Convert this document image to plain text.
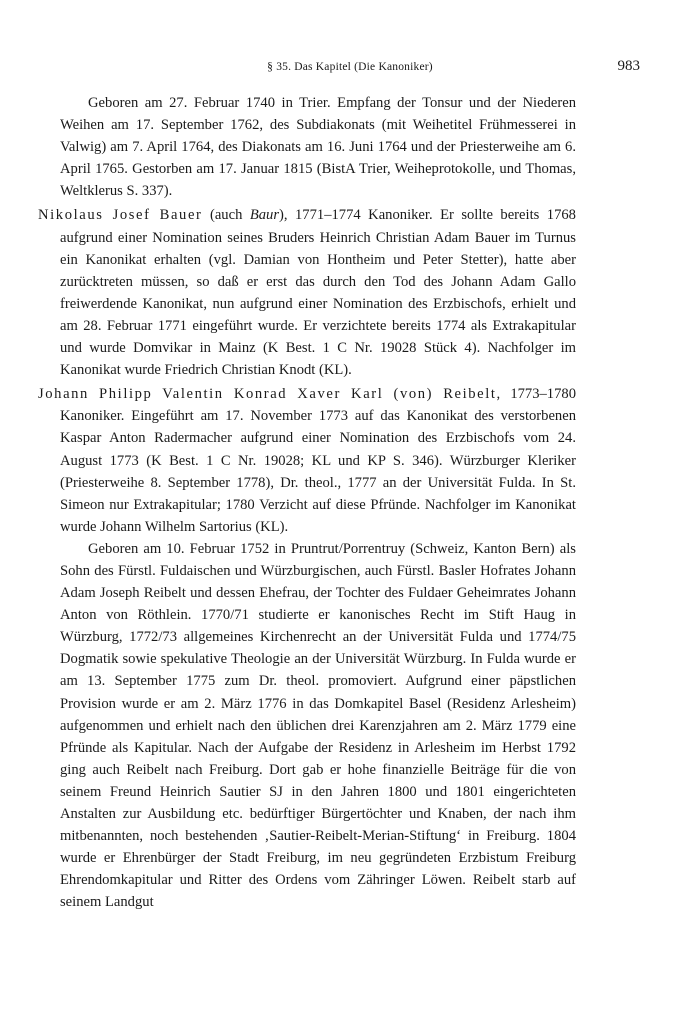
§ 35. Das Kapitel (Die Kanoniker)	983

Geboren am 27. Februar 1740 in Trier. Empfang der Tonsur und der Niederen Weihen am 17. September 1762, des Subdiakonats (mit Weihetitel Frühmesserei in Valwig) am 7. April 1764, des Diakonats am 16. Juni 1764 und der Priesterweihe am 6. April 1765. Gestorben am 17. Januar 1815 (BistA Trier, Weiheprotokolle, und Thomas, Weltklerus S. 337).

Nikolaus Josef Bauer (auch Baur), 1771–1774 Kanoniker. Er sollte bereits 1768 aufgrund einer Nomination seines Bruders Heinrich Christian Adam Bauer im Turnus ein Kanonikat erhalten (vgl. Damian von Hontheim und Peter Stetter), hatte aber zurücktreten müssen, so daß er erst das durch den Tod des Johann Adam Gallo freiwerdende Kanonikat, nun aufgrund einer Nomination des Erzbischofs, erhielt und am 28. Februar 1771 eingeführt wurde. Er verzichtete bereits 1774 als Extrakapitular und wurde Domvikar in Mainz (K Best. 1 C Nr. 19028 Stück 4). Nachfolger im Kanonikat wurde Friedrich Christian Knodt (KL).

Johann Philipp Valentin Konrad Xaver Karl (von) Reibelt, 1773–1780 Kanoniker. Eingeführt am 17. November 1773 auf das Kanonikat des verstorbenen Kaspar Anton Radermacher aufgrund einer Nomination des Erzbischofs vom 24. August 1773 (K Best. 1 C Nr. 19028; KL und KP S. 346). Würzburger Kleriker (Priesterweihe 8. September 1778), Dr. theol., 1777 an der Universität Fulda. In St. Simeon nur Extrakapitular; 1780 Verzicht auf diese Pfründe. Nachfolger im Kanonikat wurde Johann Wilhelm Sartorius (KL).

Geboren am 10. Februar 1752 in Pruntrut/Porrentruy (Schweiz, Kanton Bern) als Sohn des Fürstl. Fuldaischen und Würzburgischen, auch Fürstl. Basler Hofrates Johann Adam Joseph Reibelt und dessen Ehefrau, der Tochter des Fuldaer Geheimrates Johann Anton von Röthlein. 1770/71 studierte er kanonisches Recht im Stift Haug in Würzburg, 1772/73 allgemeines Kirchenrecht an der Universität Fulda und 1774/75 Dogmatik sowie spekulative Theologie an der Universität Würzburg. In Fulda wurde er am 13. September 1775 zum Dr. theol. promoviert. Aufgrund einer päpstlichen Provision wurde er am 2. März 1776 in das Domkapitel Basel (Residenz Arlesheim) aufgenommen und erhielt nach den üblichen drei Karenzjahren am 2. März 1779 eine Pfründe als Kapitular. Nach der Aufgabe der Residenz in Arlesheim im Herbst 1792 ging auch Reibelt nach Freiburg. Dort gab er hohe finanzielle Beiträge für die von seinem Freund Heinrich Sautier SJ in den Jahren 1800 und 1801 eingerichteten Anstalten zur Ausbildung etc. bedürftiger Bürgertöchter und Knaben, der nach ihm mitbenannten, noch bestehenden ‚Sautier-Reibelt-Merian-Stiftung‘ in Freiburg. 1804 wurde er Ehrenbürger der Stadt Freiburg, im neu gegründeten Erzbistum Freiburg Ehrendomkapitular und Ritter des Ordens vom Zähringer Löwen. Reibelt starb auf seinem Landgut
